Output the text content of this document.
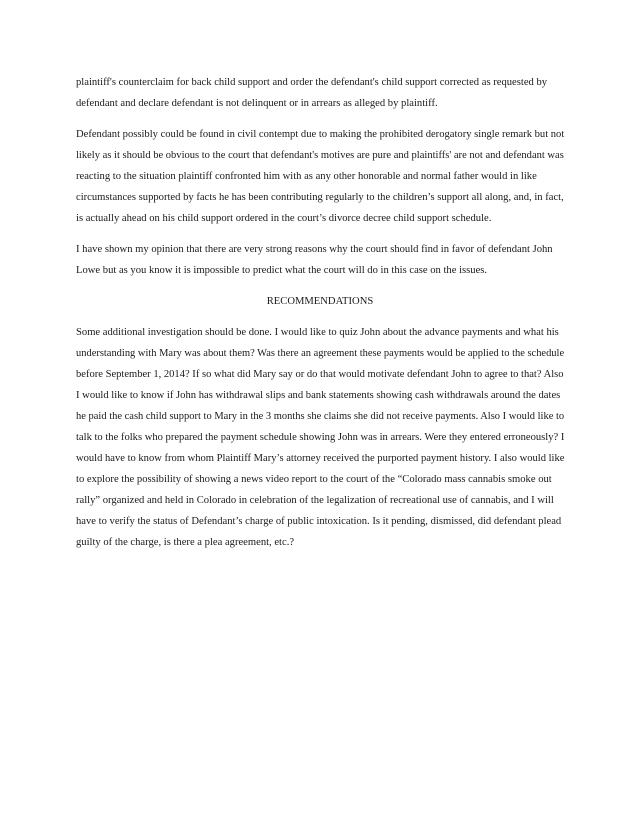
plaintiff's counterclaim for back child support and order the defendant's child support corrected as requested by
defendant and declare defendant is not delinquent or in arrears as alleged by plaintiff.
Defendant possibly could be found in civil contempt due to making the prohibited derogatory single remark but not
likely as it should be obvious to the court that defendant's motives are pure and plaintiffs' are not and defendant was
reacting to the situation plaintiff confronted him with as any other honorable and normal father would in like
circumstances supported by facts he has been contributing regularly to the children’s support all along, and, in fact,
is actually ahead on his child support ordered in the court’s divorce decree child support schedule.
I have shown my opinion that there are very strong reasons why the court should find in favor of defendant John
Lowe but as you know it is impossible to predict what the court will do in this case on the issues.
RECOMMENDATIONS
Some additional investigation should be done. I would like to quiz John about the advance payments and what his
understanding with Mary was about them? Was there an agreement these payments would be applied to the schedule
before September 1, 2014? If so what did Mary say or do that would motivate defendant John to agree to that? Also
I would like to know if John has withdrawal slips and bank statements showing cash withdrawals around the dates
he paid the cash child support to Mary in the 3 months she claims she did not receive payments. Also I would like to
talk to the folks who prepared the payment schedule showing John was in arrears. Were they entered erroneously? I
would have to know from whom Plaintiff Mary’s attorney received the purported payment history. I also would like
to explore the possibility of showing a news video report to the court of the “Colorado mass cannabis smoke out
rally” organized and held in Colorado in celebration of the legalization of recreational use of cannabis, and I will
have to verify the status of Defendant’s charge of public intoxication. Is it pending, dismissed, did defendant plead
guilty of the charge, is there a plea agreement, etc.?
